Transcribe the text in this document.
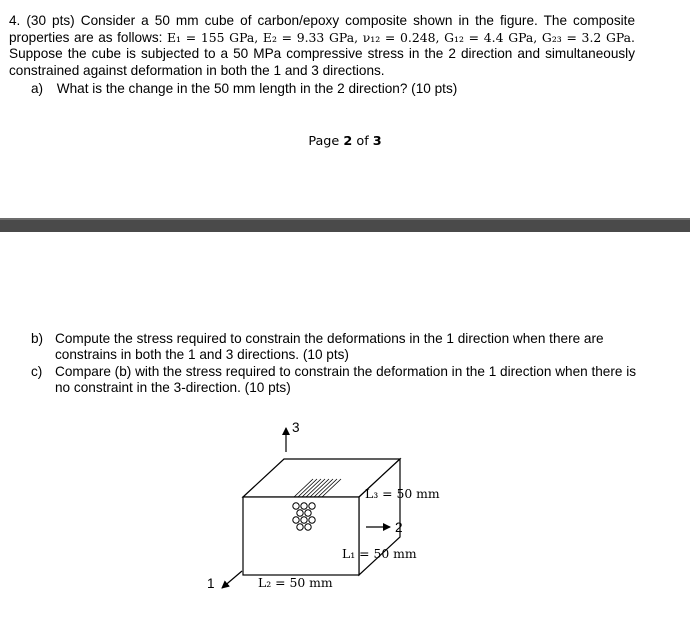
4. (30 pts) Consider a 50 mm cube of carbon/epoxy composite shown in the figure. The composite properties are as follows: E₁ = 155 GPa, E₂ = 9.33 GPa, ν₁₂ = 0.248, G₁₂ = 4.4 GPa, G₂₃ = 3.2 GPa. Suppose the cube is subjected to a 50 MPa compressive stress in the 2 direction and simultaneously constrained against deformation in both the 1 and 3 directions.
a) What is the change in the 50 mm length in the 2 direction? (10 pts)
Page 2 of 3
b) Compute the stress required to constrain the deformations in the 1 direction when there are constrains in both the 1 and 3 directions. (10 pts)
c) Compare (b) with the stress required to constrain the deformation in the 1 direction when there is no constraint in the 3-direction. (10 pts)
3
2
1
L₃ = 50 mm
L₁ = 50 mm
L₂ = 50 mm
